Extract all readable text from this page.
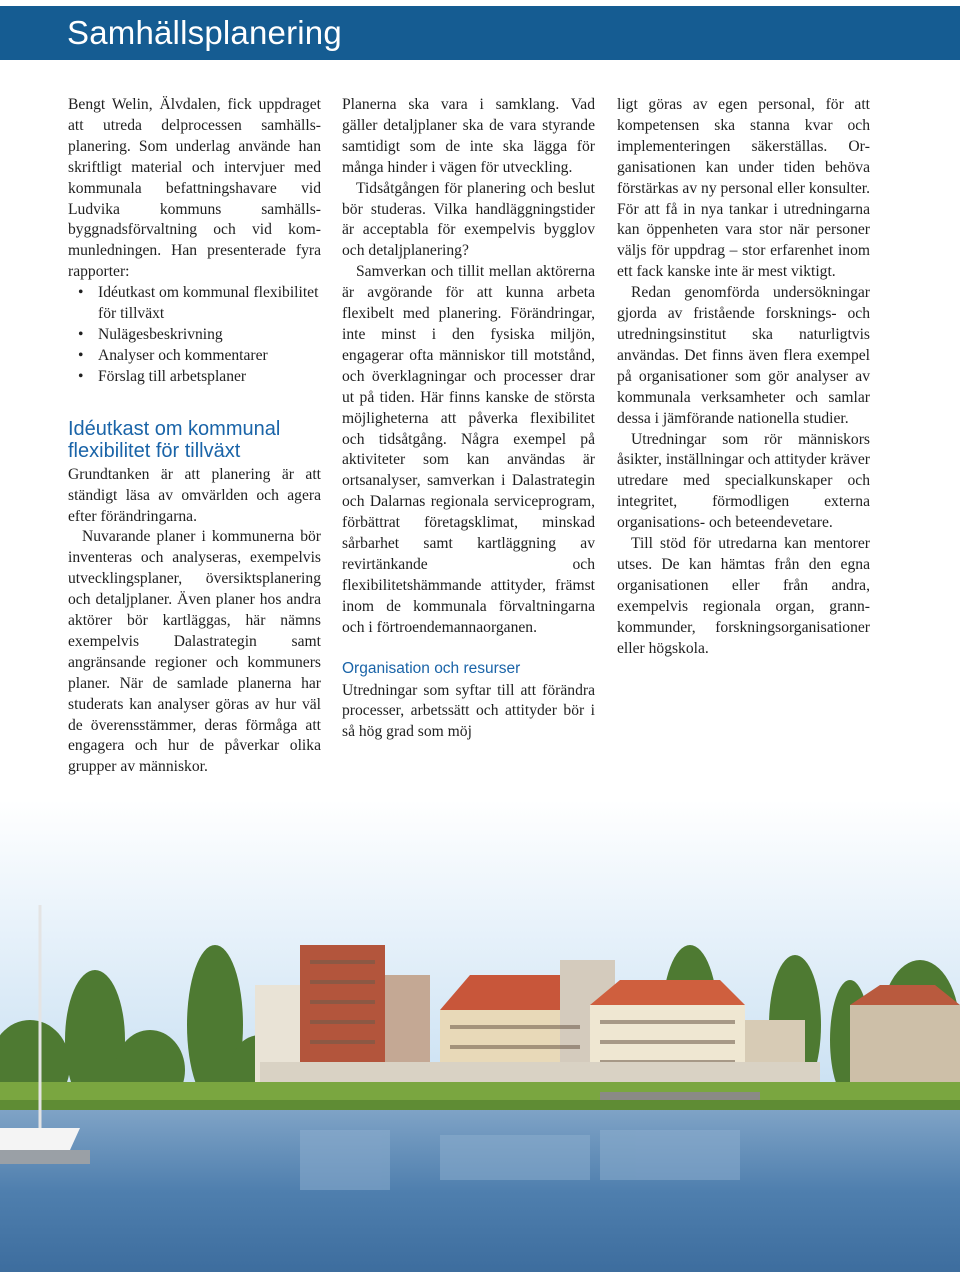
Samhällsplanering

Bengt Welin, Älvdalen, fick uppdraget att utreda delprocessen samhällsplanering. Som underlag använde han skriftligt material och intervjuer med kommunala befattningshavare vid Ludvika kommuns samhällsbyggnadsförvaltning och vid kommunledningen. Han presenterade fyra rapporter:

• Idéutkast om kommunal flexibilitet för tillväxt
• Nulägesbeskrivning
• Analyser och kommentarer
• Förslag till arbetsplaner
Idéutkast om kommunal flexibilitet för tillväxt

Grundtanken är att planering är att ständigt läsa av omvärlden och agera efter förändringarna.

Nuvarande planer i kommunerna bör inventeras och analyseras, exempelvis utvecklingsplaner, översiktsplanering och detaljplaner. Även planer hos andra aktörer bör kartläggas, här nämns exempelvis Dalastrategin samt angränsande regioner och kommuners planer. När de samlade planerna har studerats kan analyser göras av hur väl de överensstämmer, deras förmåga att engagera och hur de påverkar olika grupper av människor.

Planerna ska vara i samklang. Vad gäller detaljplaner ska de vara styrande samtidigt som de inte ska lägga för många hinder i vägen för utveckling.

Tidsåtgången för planering och beslut bör studeras. Vilka handläggningstider är acceptabla för exempelvis bygglov och detaljplanering?

Samverkan och tillit mellan aktörerna är avgörande för att kunna arbeta flexibelt med planering. Förändringar, inte minst i den fysiska miljön, engagerar ofta människor till motstånd, och överklagningar och processer drar ut på tiden. Här finns kanske de största möjligheterna att påverka flexibilitet och tidsåtgång. Några exempel på aktiviteter som kan användas är ortsanalyser, samverkan i Dalastrategin och Dalarnas regionala serviceprogram, förbättrat företagsklimat, minskad sårbarhet samt kartläggning av revirtänkande och flexibilitetshämmande attityder, främst inom de kommunala förvaltningarna och i förtroendemannaorganen.

Organisation och resurser

Utredningar som syftar till att förändra processer, arbetssätt och attityder bör i så hög grad som möj

ligt göras av egen personal, för att kompetensen ska stanna kvar och implementeringen säkerställas. Organisationen kan under tiden behöva förstärkas av ny personal eller konsulter. För att få in nya tankar i utredningarna kan öppenheten vara stor när personer väljs för uppdrag – stor erfarenhet inom ett fack kanske inte är mest viktigt.

Redan genomförda undersökningar gjorda av fristående forsknings- och utredningsinstitut ska naturligtvis användas. Det finns även flera exempel på organisationer som gör analyser av kommunala verksamheter och samlar dessa i jämförande nationella studier.

Utredningar som rör människors åsikter, inställningar och attityder kräver utredare med specialkunskaper och integritet, förmodligen externa organisations- och beteendevetare.

Till stöd för utredarna kan mentorer utses. De kan hämtas från den egna organisationen eller från andra, exempelvis regionala organ, grannkommunder, forskningsorganisationer eller högskola.
